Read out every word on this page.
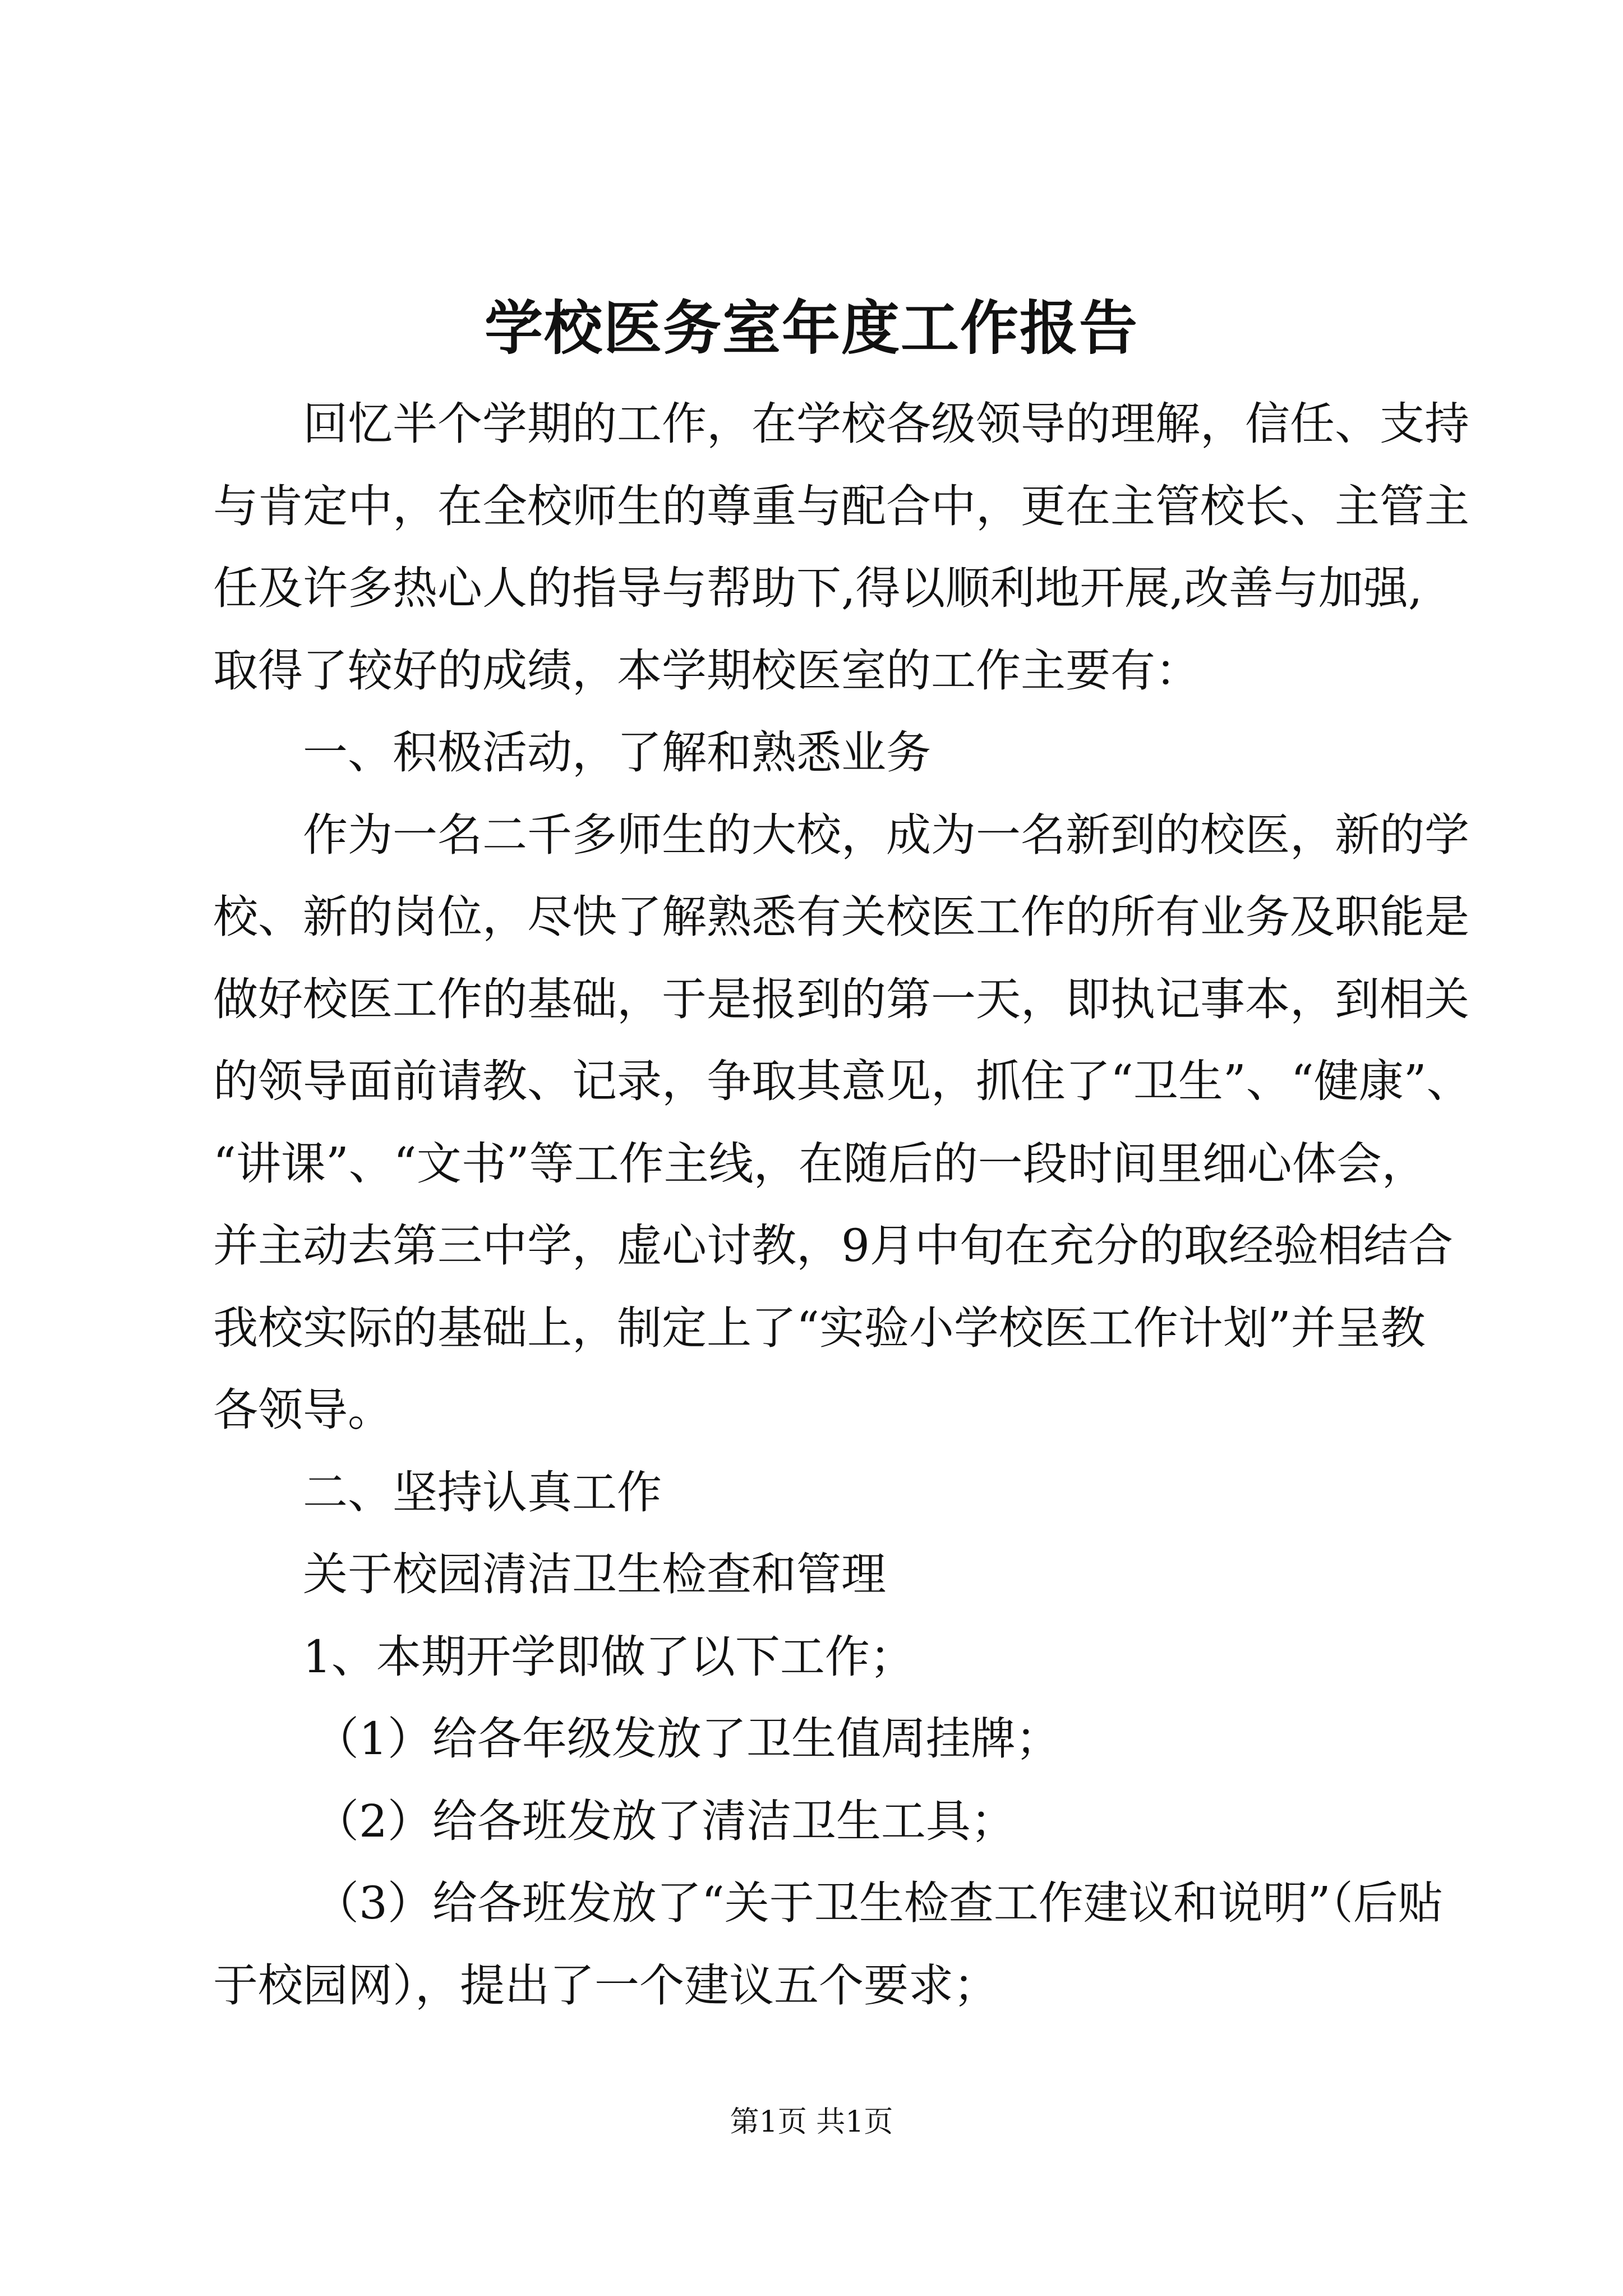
学校医务室年度工作报告
回忆半个学期的工作，在学校各级领导的理解，信任、支持
与肯定中，在全校师生的尊重与配合中，更在主管校长、主管主
任及许多热心人的指导与帮助下,得以顺利地开展,改善与加强,
取得了较好的成绩，本学期校医室的工作主要有：
一、积极活动，了解和熟悉业务
作为一名二千多师生的大校，成为一名新到的校医，新的学
校、新的岗位，尽快了解熟悉有关校医工作的所有业务及职能是
做好校医工作的基础，于是报到的第一天，即执记事本，到相关
的领导面前请教、记录，争取其意见，抓住了“卫生”、“健康”、
“讲课”、“文书”等工作主线，在随后的一段时间里细心体会，
并主动去第三中学，虚心讨教，9月中旬在充分的取经验相结合
我校实际的基础上，制定上了“实验小学校医工作计划”并呈教
各领导。
二、坚持认真工作
关于校园清洁卫生检查和管理
1、本期开学即做了以下工作；
（1）给各年级发放了卫生值周挂牌；
（2）给各班发放了清洁卫生工具；
（3）给各班发放了“关于卫生检查工作建议和说明”（后贴
于校园网），提出了一个建议五个要求；
第1页 共1页
